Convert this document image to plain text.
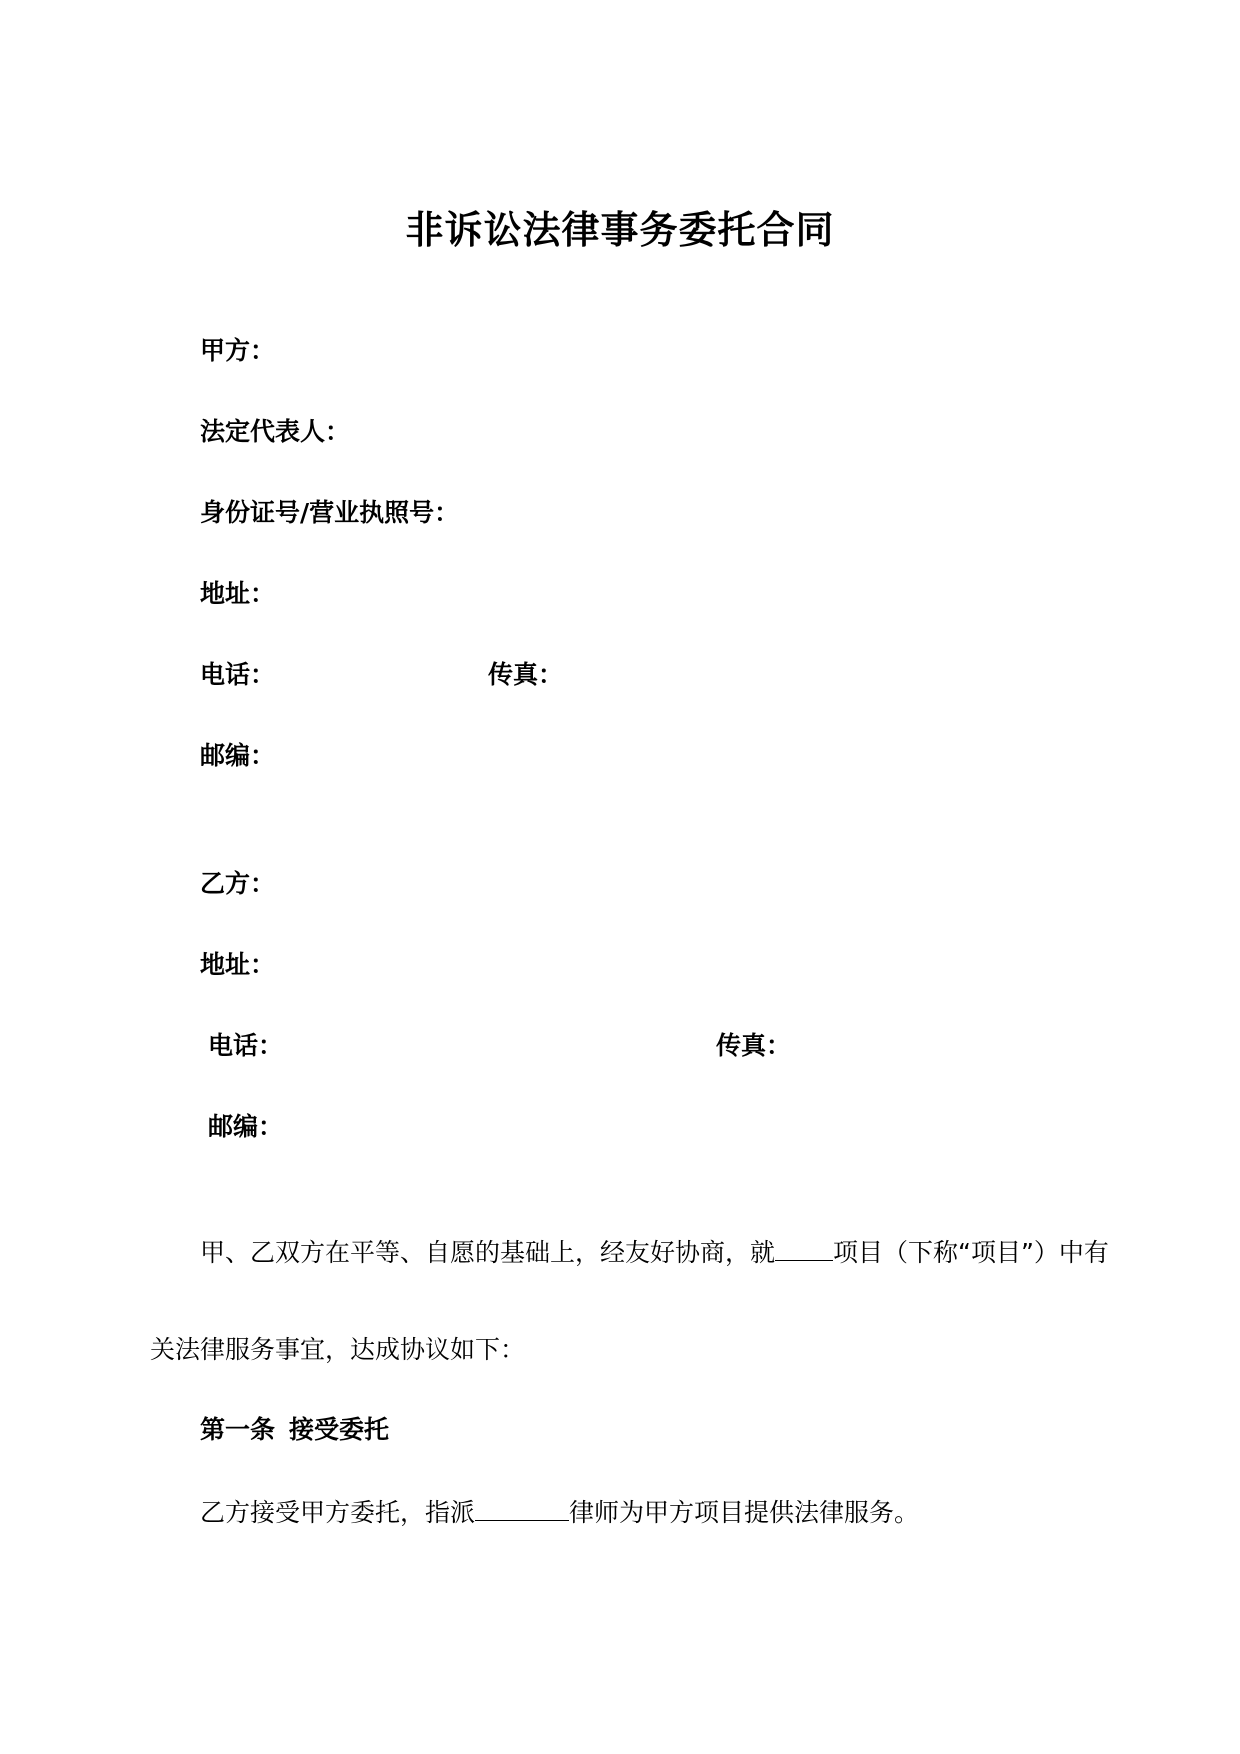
非诉讼法律事务委托合同
甲方：
法定代表人：
身份证号/营业执照号：
地址：
电话：	传真：
邮编：
乙方：
地址：
电话：	传真：
邮编：
甲、乙双方在平等、自愿的基础上，经友好协商，就 项目（下称“项目”）中有
关法律服务事宜，达成协议如下：
第一条 接受委托
乙方接受甲方委托，指派	律师为甲方项目提供法律服务。
